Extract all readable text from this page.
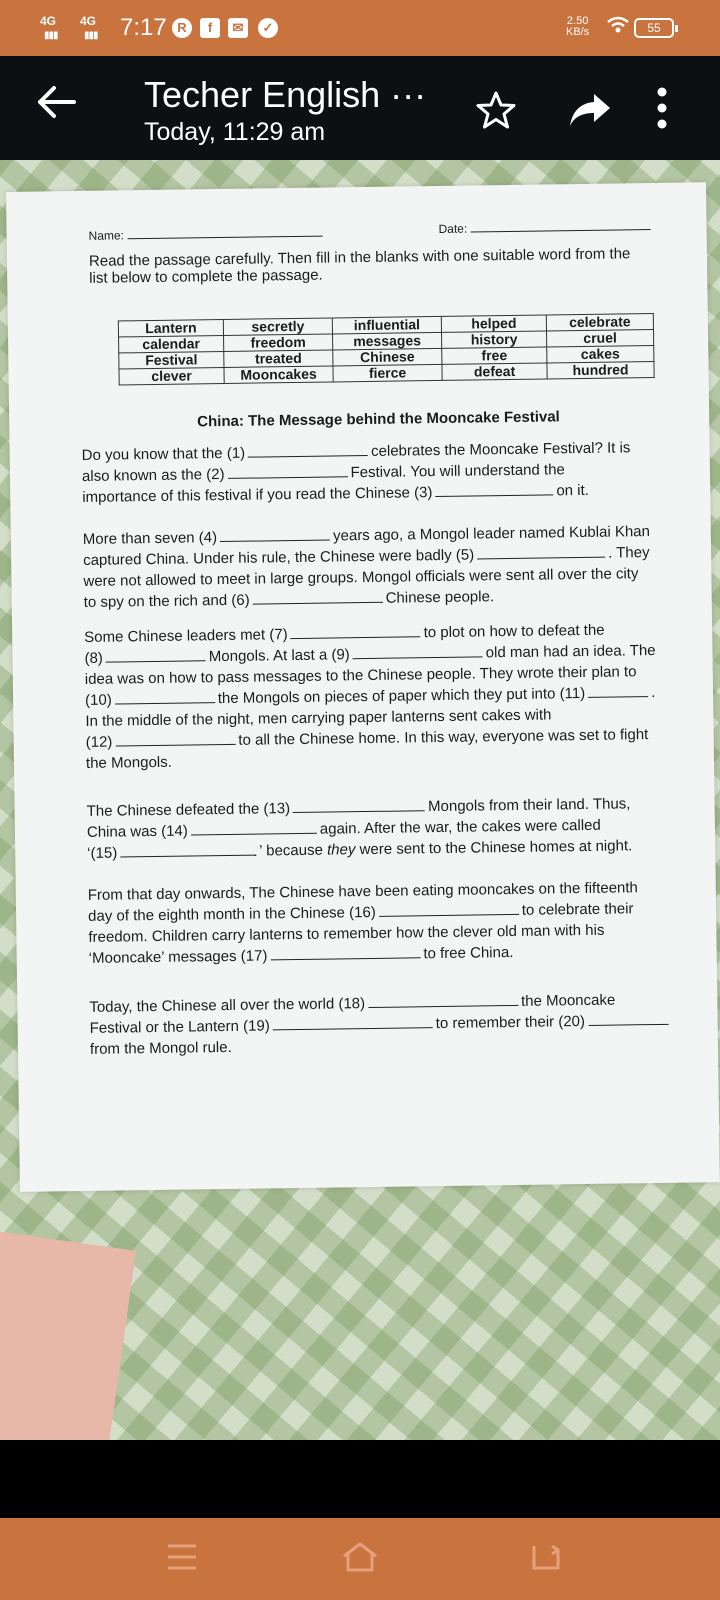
4G
▮▮▮
4G
▮▮▮ 7:17 R	f	✉	✓	2.50
KB/s	55
Techer English ···
Today, 11:29 am
Name:	Date:
Read the passage carefully. Then fill in the blanks with one suitable word from the
list below to complete the passage.
Lantern	secretly	influential	helped	celebrate
calendar	freedom	messages	history	cruel
Festival	treated	Chinese	free	cakes
clever	Mooncakes	fierce	defeat	hundred
China: The Message behind the Mooncake Festival
Do you know that the (1)	celebrates the Mooncake Festival? It is
also known as the (2)	Festival. You will understand the
importance of this festival if you read the Chinese (3)	on it.
More than seven (4)	years ago, a Mongol leader named Kublai Khan
captured China. Under his rule, the Chinese were badly (5)	. They
were not allowed to meet in large groups. Mongol officials were sent all over the city
to spy on the rich and (6)	Chinese people.
Some Chinese leaders met (7)	to plot on how to defeat the
(8)	Mongols. At last a (9)	old man had an idea. The
idea was on how to pass messages to the Chinese people. They wrote their plan to
(10)	the Mongols on pieces of paper which they put into (11)	.
In the middle of the night, men carrying paper lanterns sent cakes with
(12)	to all the Chinese home. In this way, everyone was set to fight
the Mongols.
The Chinese defeated the (13)	Mongols from their land. Thus,
China was (14)	again. After the war, the cakes were called
‘(15)	’ because they were sent to the Chinese homes at night.
From that day onwards, The Chinese have been eating mooncakes on the fifteenth
day of the eighth month in the Chinese (16)	to celebrate their
freedom. Children carry lanterns to remember how the clever old man with his
‘Mooncake’ messages (17)	to free China.
Today, the Chinese all over the world (18)	the Mooncake
Festival or the Lantern (19)	to remember their (20)
from the Mongol rule.
